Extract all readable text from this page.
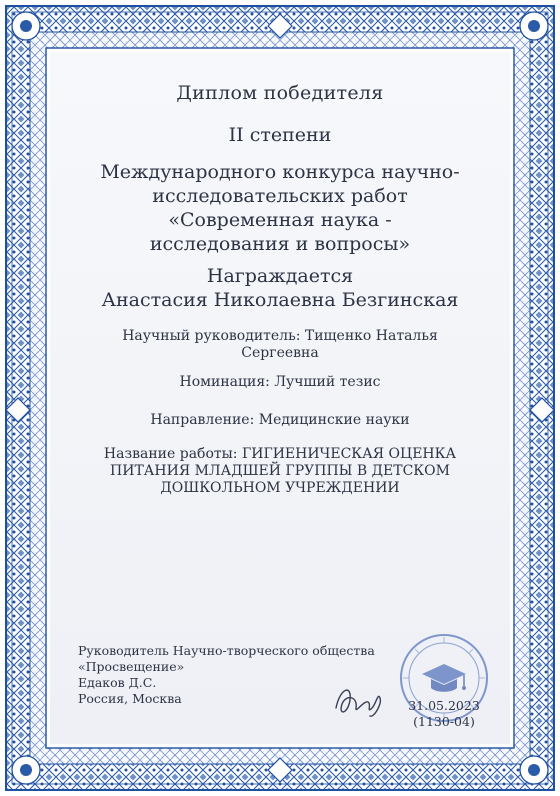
Диплом победителя
II степени
Международного конкурса научно-
исследовательских работ
«Современная наука -
исследования и вопросы»
Награждается
Анастасия Николаевна Безгинская
Научный руководитель: Тищенко Наталья
Сергеевна
Номинация: Лучший тезис
Направление: Медицинские науки
Название работы: ГИГИЕНИЧЕСКАЯ ОЦЕНКА
ПИТАНИЯ МЛАДШЕЙ ГРУППЫ В ДЕТСКОМ
ДОШКОЛЬНОМ УЧРЕЖДЕНИИ
Руководитель Научно-творческого общества
«Просвещение»
Едаков Д.С.
Россия, Москва	31.05.2023
(1130-04)
